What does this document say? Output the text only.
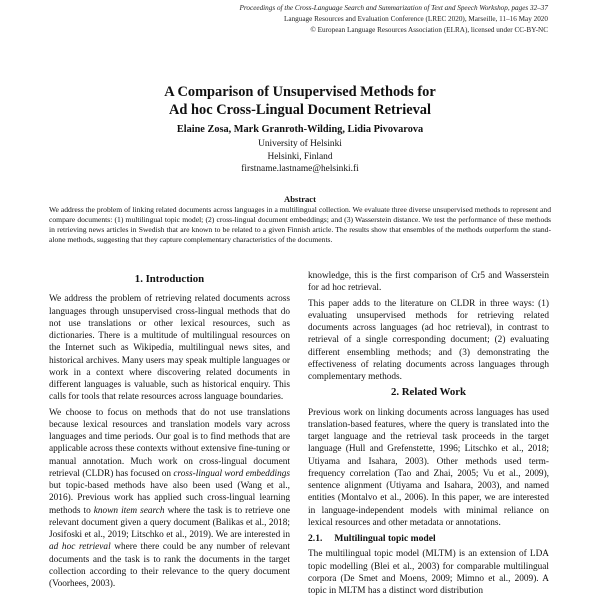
Proceedings of the Cross-Language Search and Summarization of Text and Speech Workshop, pages 32–37
Language Resources and Evaluation Conference (LREC 2020), Marseille, 11–16 May 2020
© European Language Resources Association (ELRA), licensed under CC-BY-NC
A Comparison of Unsupervised Methods for
Ad hoc Cross-Lingual Document Retrieval
Elaine Zosa, Mark Granroth-Wilding, Lidia Pivovarova
University of Helsinki
Helsinki, Finland
firstname.lastname@helsinki.fi
Abstract
We address the problem of linking related documents across languages in a multilingual collection. We evaluate three diverse unsupervised methods to represent and compare documents: (1) multilingual topic model; (2) cross-lingual document embeddings; and (3) Wasserstein distance. We test the performance of these methods in retrieving news articles in Swedish that are known to be related to a given Finnish article. The results show that ensembles of the methods outperform the stand-alone methods, suggesting that they capture complementary characteristics of the documents.
1. Introduction

We address the problem of retrieving related documents across languages through unsupervised cross-lingual methods that do not use translations or other lexical resources, such as dictionaries. There is a multitude of multilingual resources on the Internet such as Wikipedia, multilingual news sites, and historical archives. Many users may speak multiple languages or work in a context where discovering related documents in different languages is valuable, such as historical enquiry. This calls for tools that relate resources across language boundaries.

We choose to focus on methods that do not use translations because lexical resources and translation models vary across languages and time periods. Our goal is to find methods that are applicable across these contexts without extensive fine-tuning or manual annotation. Much work on cross-lingual document retrieval (CLDR) has focused on cross-lingual word embeddings but topic-based methods have also been used (Wang et al., 2016). Previous work has applied such cross-lingual learning methods to known item search where the task is to retrieve one relevant document given a query document (Balikas et al., 2018; Josifoski et al., 2019; Litschko et al., 2019). We are interested in ad hoc retrieval where there could be any number of relevant documents and the task is to rank the documents in the target collection according to their relevance to the query document (Voorhees, 2003).

knowledge, this is the first comparison of Cr5 and Wasserstein for ad hoc retrieval.

This paper adds to the literature on CLDR in three ways: (1) evaluating unsupervised methods for retrieving related documents across languages (ad hoc retrieval), in contrast to retrieval of a single corresponding document; (2) evaluating different ensembling methods; and (3) demonstrating the effectiveness of relating documents across languages through complementary methods.

2. Related Work

Previous work on linking documents across languages has used translation-based features, where the query is translated into the target language and the retrieval task proceeds in the target language (Hull and Grefenstette, 1996; Litschko et al., 2018; Utiyama and Isahara, 2003). Other methods used term-frequency correlation (Tao and Zhai, 2005; Vu et al., 2009), sentence alignment (Utiyama and Isahara, 2003), and named entities (Montalvo et al., 2006). In this paper, we are interested in language-independent models with minimal reliance on lexical resources and other metadata or annotations.

2.1. Multilingual topic model

The multilingual topic model (MLTM) is an extension of LDA topic modelling (Blei et al., 2003) for comparable multilingual corpora (De Smet and Moens, 2009; Mimno et al., 2009). A topic in MLTM has a distinct word distribution
